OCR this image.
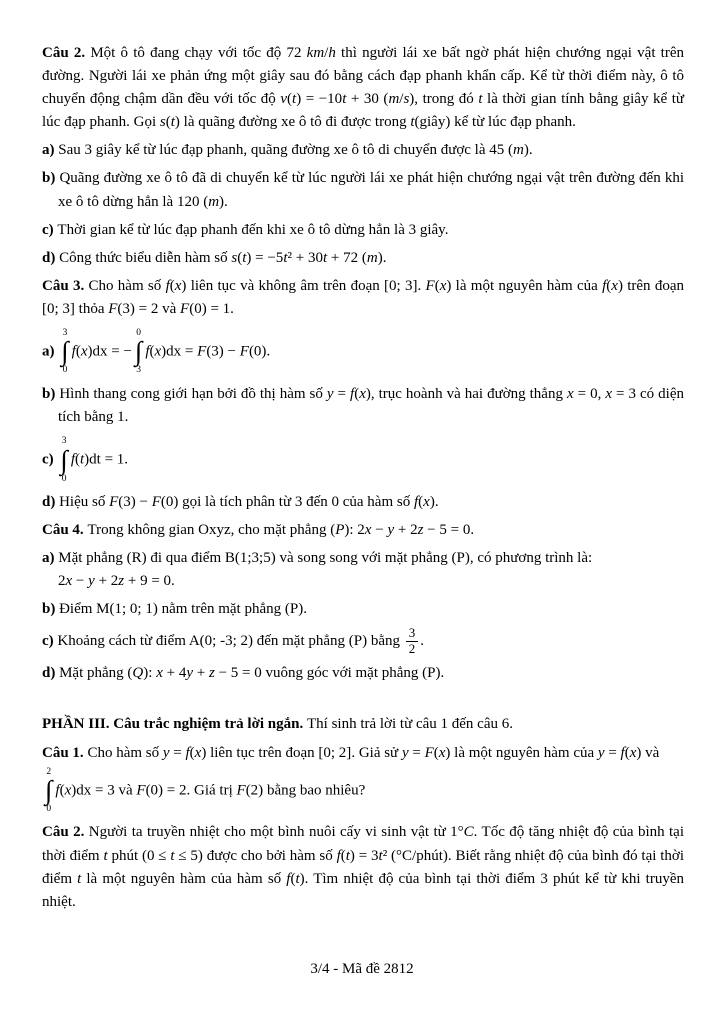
Câu 2. Một ô tô đang chạy với tốc độ 72 km/h thì người lái xe bất ngờ phát hiện chướng ngại vật trên đường. Người lái xe phản ứng một giây sau đó bằng cách đạp phanh khẩn cấp. Kể từ thời điểm này, ô tô chuyển động chậm dần đều với tốc độ v(t) = −10t + 30 (m/s), trong đó t là thời gian tính bằng giây kể từ lúc đạp phanh. Gọi s(t) là quãng đường xe ô tô đi được trong t(giây) kể từ lúc đạp phanh.
a) Sau 3 giây kể từ lúc đạp phanh, quãng đường xe ô tô di chuyển được là 45 (m).
b) Quãng đường xe ô tô đã di chuyển kể từ lúc người lái xe phát hiện chướng ngại vật trên đường đến khi xe ô tô dừng hẳn là 120 (m).
c) Thời gian kể từ lúc đạp phanh đến khi xe ô tô dừng hẳn là 3 giây.
d) Công thức biểu diễn hàm số s(t) = −5t² + 30t + 72 (m).
Câu 3. Cho hàm số f(x) liên tục và không âm trên đoạn [0; 3]. F(x) là một nguyên hàm của f(x) trên đoạn [0; 3] thỏa F(3) = 2 và F(0) = 1.
a)
3
∫
0
f(x)dx = −
0
∫
3
f(x)dx = F(3) − F(0).
b) Hình thang cong giới hạn bởi đồ thị hàm số y = f(x), trục hoành và hai đường thẳng x = 0, x = 3 có diện tích bằng 1.
c)
3
∫
0
f(t)dt = 1.
d) Hiệu số F(3) − F(0) gọi là tích phân từ 3 đến 0 của hàm số f(x).
Câu 4. Trong không gian Oxyz, cho mặt phẳng (P): 2x − y + 2z − 5 = 0.
a) Mặt phẳng (R) đi qua điểm B(1;3;5) và song song với mặt phẳng (P), có phương trình là:
2x − y + 2z + 9 = 0.
b) Điểm M(1; 0; 1) nằm trên mặt phẳng (P).
c) Khoảng cách từ điểm A(0; -3; 2) đến mặt phẳng (P) bằng $\frac{3}{2}$ .
d) Mặt phẳng (Q): x + 4y + z − 5 = 0 vuông góc với mặt phẳng (P).
PHẦN III. Câu trắc nghiệm trả lời ngắn. Thí sinh trả lời từ câu 1 đến câu 6.
Câu 1. Cho hàm số y = f(x) liên tục trên đoạn [0; 2]. Giả sử y = F(x) là một nguyên hàm của y = f(x) và

2
∫
0
f(x)dx = 3 và F(0) = 2. Giá trị F(2) bằng bao nhiêu?
Câu 2. Người ta truyền nhiệt cho một bình nuôi cấy vi sinh vật từ 1°C. Tốc độ tăng nhiệt độ của bình tại thời điểm t phút (0 ≤ t ≤ 5) được cho bởi hàm số f(t) = 3t² (°C/phút). Biết rằng nhiệt độ của bình đó tại thời điểm t là một nguyên hàm của hàm số f(t). Tìm nhiệt độ của bình tại thời điểm 3 phút kể từ khi truyền nhiệt.
3/4 - Mã đề 2812
